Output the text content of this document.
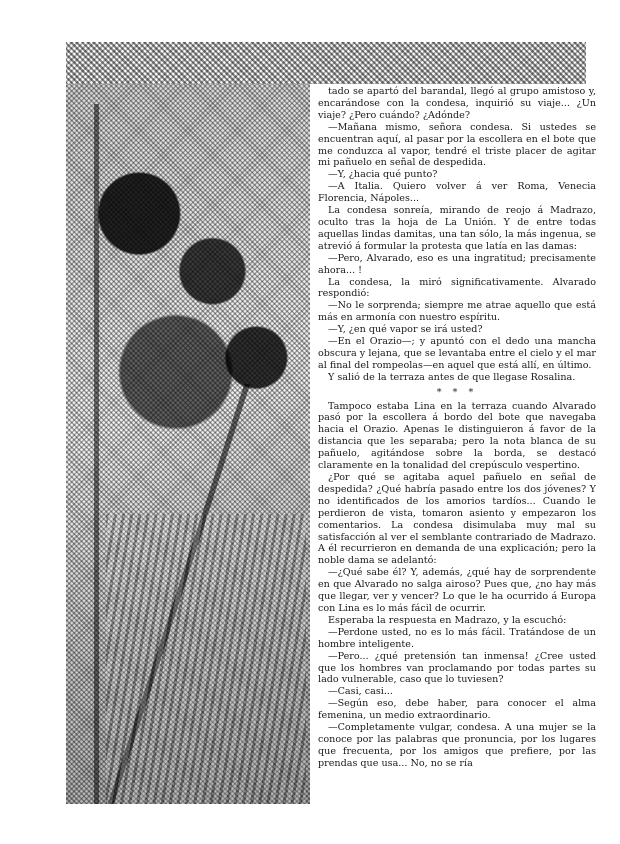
tado se apartó del barandal, llegó al grupo amistoso y, encarándose con la condesa, inquirió su viaje... ¿Un viaje? ¿Pero cuándo? ¿Adónde?

—Mañana mismo, señora condesa. Si ustedes se encuentran aquí, al pasar por la escollera en el bote que me conduzca al vapor, tendré el triste placer de agitar mi pañuelo en señal de despedida.

—Y, ¿hacia qué punto?

—A Italia. Quiero volver á ver Roma, Venecia Florencia, Nápoles...

La condesa sonreía, mirando de reojo á Madrazo, oculto tras la hoja de La Unión. Y de entre todas aquellas lindas damitas, una tan sólo, la más ingenua, se atrevió á formular la protesta que latía en las damas:

—Pero, Alvarado, eso es una ingratitud; precisamente ahora... !

La condesa, la miró significativamente. Alvarado respondió:

—No le sorprenda; siempre me atrae aquello que está más en armonía con nuestro espíritu.

—Y, ¿en qué vapor se irá usted?

—En el Orazio—; y apuntó con el dedo una mancha obscura y lejana, que se levantaba entre el cielo y el mar al final del rompeolas—en aquel que está allí, en último.

Y salió de la terraza antes de que llegase Rosalina.

* * *

Tampoco estaba Lina en la terraza cuando Alvarado pasó por la escollera á bordo del bote que navegaba hacia el Orazio. Apenas le distinguieron á favor de la distancia que les separaba; pero la nota blanca de su pañuelo, agitándose sobre la borda, se destacó claramente en la tonalidad del crepúsculo vespertino.

¿Por qué se agitaba aquel pañuelo en señal de despedida? ¿Qué habría pasado entre los dos jóvenes? Y no identificados de los amorios tardíos... Cuando le perdieron de vista, tomaron asiento y empezaron los comentarios. La condesa disimulaba muy mal su satisfacción al ver el semblante contrariado de Madrazo. A él recurrieron en demanda de una explicación; pero la noble dama se adelantó:

—¿Qué sabe él? Y, además, ¿qué hay de sorprendente en que Alvarado no salga airoso? Pues que, ¿no hay más que llegar, ver y vencer? Lo que le ha ocurrido á Europa con Lina es lo más fácil de ocurrir.

Esperaba la respuesta en Madrazo, y la escuchó:

—Perdone usted, no es lo más fácil. Tratándose de un hombre inteligente.

—Pero... ¿qué pretensión tan inmensa! ¿Cree usted que los hombres van proclamando por todas partes su lado vulnerable, caso que lo tuviesen?

—Casi, casi...

—Según eso, debe haber, para conocer el alma femenina, un medio extraordinario.

—Completamente vulgar, condesa. A una mujer se la conoce por las palabras que pronuncia, por los lugares que frecuenta, por los amigos que prefiere, por las prendas que usa... No, no se ría
